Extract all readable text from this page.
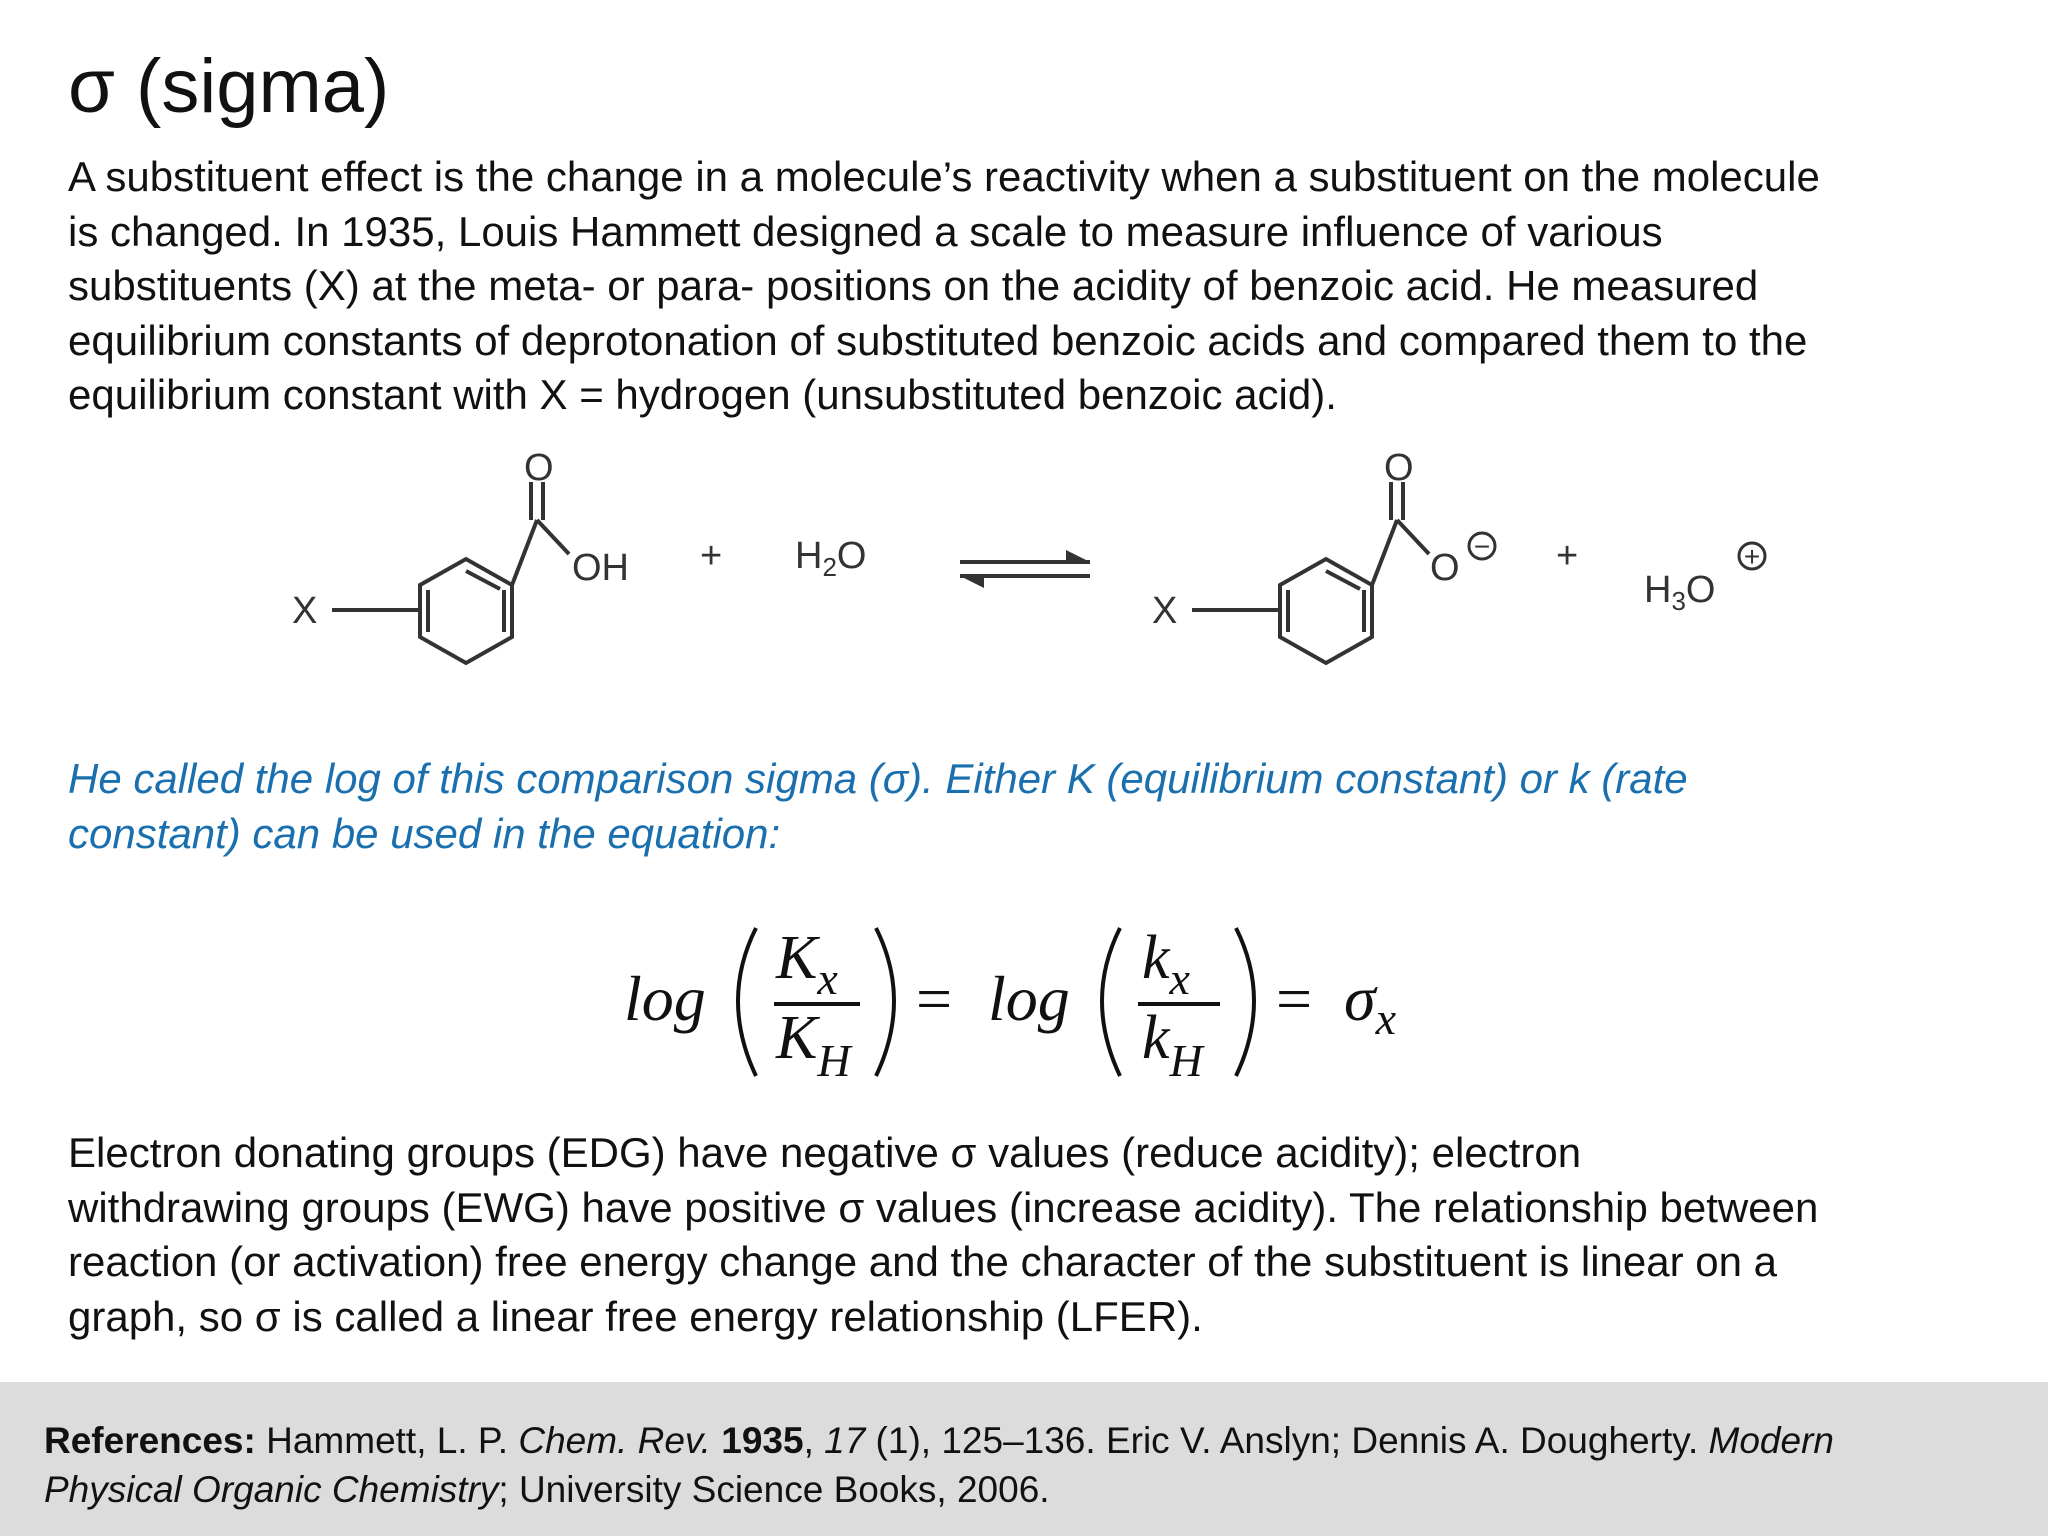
σ (sigma)
A substituent effect is the change in a molecule’s reactivity when a substituent on the molecule
is changed. In 1935, Louis Hammett designed a scale to measure influence of various
substituents (X) at the meta- or para- positions on the acidity of benzoic acid. He measured
equilibrium constants of deprotonation of substituted benzoic acids and compared them to the
equilibrium constant with X = hydrogen (unsubstituted benzoic acid).
X
O
OH + $H_2O$
X
O
O
− +
$H_3O$
+
He called the log of this comparison sigma (σ). Either K (equilibrium constant) or k (rate
constant) can be used in the equation:
log
$K_x$
$K_H$
= log
$k_x$
$k_H$
= $\sigma_x$
Electron donating groups (EDG) have negative σ values (reduce acidity); electron
withdrawing groups (EWG) have positive σ values (increase acidity). The relationship between
reaction (or activation) free energy change and the character of the substituent is linear on a
graph, so σ is called a linear free energy relationship (LFER).
References: Hammett, L. P. Chem. Rev. 1935, 17 (1), 125–136. Eric V. Anslyn; Dennis A. Dougherty. Modern
Physical Organic Chemistry; University Science Books, 2006.
